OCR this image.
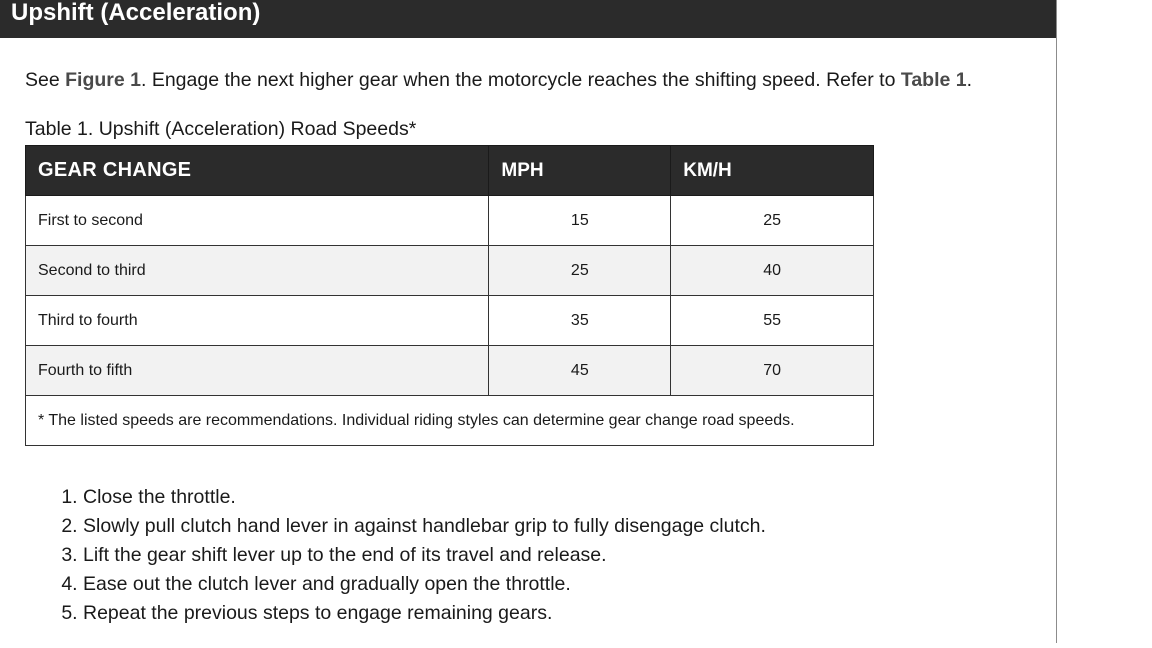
Upshift (Acceleration)

See Figure 1. Engage the next higher gear when the motorcycle reaches the shifting speed. Refer to Table 1.

Table 1. Upshift (Acceleration) Road Speeds*
GEAR CHANGE	MPH	KM/H
First to second	15	25
Second to third	25	40
Third to fourth	35	55
Fourth to fifth	45	70
* The listed speeds are recommendations. Individual riding styles can determine gear change road speeds.		
1. Close the throttle.
2. Slowly pull clutch hand lever in against handlebar grip to fully disengage clutch.
3. Lift the gear shift lever up to the end of its travel and release.
4. Ease out the clutch lever and gradually open the throttle.
5. Repeat the previous steps to engage remaining gears.
